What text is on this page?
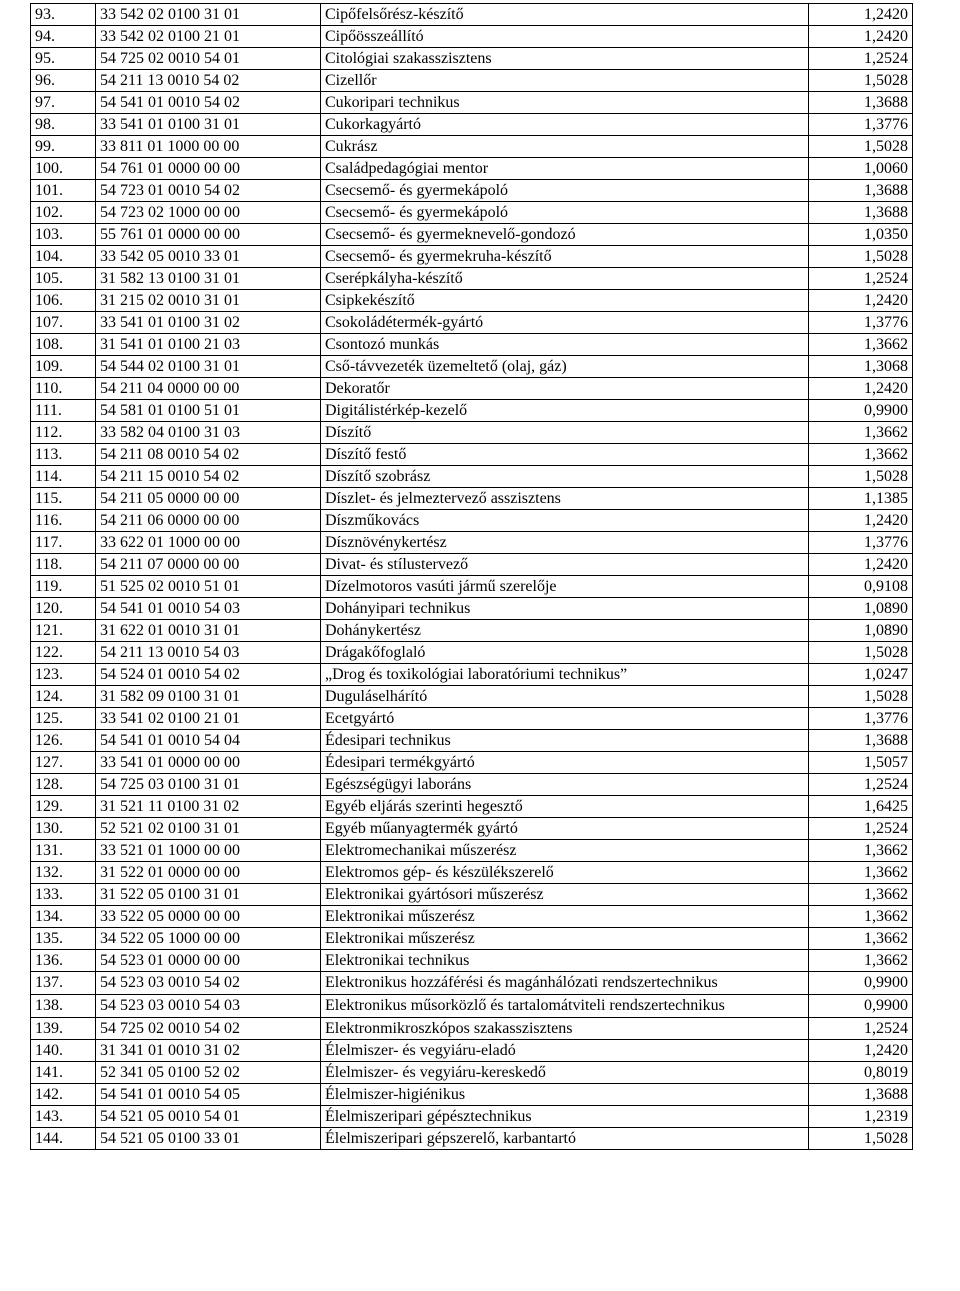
93.	33 542 02 0100 31 01	Cipőfelsőrész-készítő	1,2420
94.	33 542 02 0100 21 01	Cipőösszeállító	1,2420
95.	54 725 02 0010 54 01	Citológiai szakasszisztens	1,2524
96.	54 211 13 0010 54 02	Cizellőr	1,5028
97.	54 541 01 0010 54 02	Cukoripari technikus	1,3688
98.	33 541 01 0100 31 01	Cukorkagyártó	1,3776
99.	33 811 01 1000 00 00	Cukrász	1,5028
100.	54 761 01 0000 00 00	Családpedagógiai mentor	1,0060
101.	54 723 01 0010 54 02	Csecsemő- és gyermekápoló	1,3688
102.	54 723 02 1000 00 00	Csecsemő- és gyermekápoló	1,3688
103.	55 761 01 0000 00 00	Csecsemő- és gyermeknevelő-gondozó	1,0350
104.	33 542 05 0010 33 01	Csecsemő- és gyermekruha-készítő	1,5028
105.	31 582 13 0100 31 01	Cserépkályha-készítő	1,2524
106.	31 215 02 0010 31 01	Csipkekészítő	1,2420
107.	33 541 01 0100 31 02	Csokoládétermék-gyártó	1,3776
108.	31 541 01 0100 21 03	Csontozó munkás	1,3662
109.	54 544 02 0100 31 01	Cső-távvezeték üzemeltető (olaj, gáz)	1,3068
110.	54 211 04 0000 00 00	Dekoratőr	1,2420
111.	54 581 01 0100 51 01	Digitálistérkép-kezelő	0,9900
112.	33 582 04 0100 31 03	Díszítő	1,3662
113.	54 211 08 0010 54 02	Díszítő festő	1,3662
114.	54 211 15 0010 54 02	Díszítő szobrász	1,5028
115.	54 211 05 0000 00 00	Díszlet- és jelmeztervező asszisztens	1,1385
116.	54 211 06 0000 00 00	Díszműkovács	1,2420
117.	33 622 01 1000 00 00	Dísznövénykertész	1,3776
118.	54 211 07 0000 00 00	Divat- és stílustervező	1,2420
119.	51 525 02 0010 51 01	Dízelmotoros vasúti jármű szerelője	0,9108
120.	54 541 01 0010 54 03	Dohányipari technikus	1,0890
121.	31 622 01 0010 31 01	Dohánykertész	1,0890
122.	54 211 13 0010 54 03	Drágakőfoglaló	1,5028
123.	54 524 01 0010 54 02	„Drog és toxikológiai laboratóriumi technikus”	1,0247
124.	31 582 09 0100 31 01	Duguláselhárító	1,5028
125.	33 541 02 0100 21 01	Ecetgyártó	1,3776
126.	54 541 01 0010 54 04	Édesipari technikus	1,3688
127.	33 541 01 0000 00 00	Édesipari termékgyártó	1,5057
128.	54 725 03 0100 31 01	Egészségügyi laboráns	1,2524
129.	31 521 11 0100 31 02	Egyéb eljárás szerinti hegesztő	1,6425
130.	52 521 02 0100 31 01	Egyéb műanyagtermék gyártó	1,2524
131.	33 521 01 1000 00 00	Elektromechanikai műszerész	1,3662
132.	31 522 01 0000 00 00	Elektromos gép- és készülékszerelő	1,3662
133.	31 522 05 0100 31 01	Elektronikai gyártósori műszerész	1,3662
134.	33 522 05 0000 00 00	Elektronikai műszerész	1,3662
135.	34 522 05 1000 00 00	Elektronikai műszerész	1,3662
136.	54 523 01 0000 00 00	Elektronikai technikus	1,3662
137.	54 523 03 0010 54 02	Elektronikus hozzáférési és magánhálózati rendszertechnikus	0,9900
138.	54 523 03 0010 54 03	Elektronikus műsorközlő és tartalomátviteli rendszertechnikus	0,9900
139.	54 725 02 0010 54 02	Elektronmikroszkópos szakasszisztens	1,2524
140.	31 341 01 0010 31 02	Élelmiszer- és vegyiáru-eladó	1,2420
141.	52 341 05 0100 52 02	Élelmiszer- és vegyiáru-kereskedő	0,8019
142.	54 541 01 0010 54 05	Élelmiszer-higiénikus	1,3688
143.	54 521 05 0010 54 01	Élelmiszeripari gépésztechnikus	1,2319
144.	54 521 05 0100 33 01	Élelmiszeripari gépszerelő, karbantartó	1,5028
